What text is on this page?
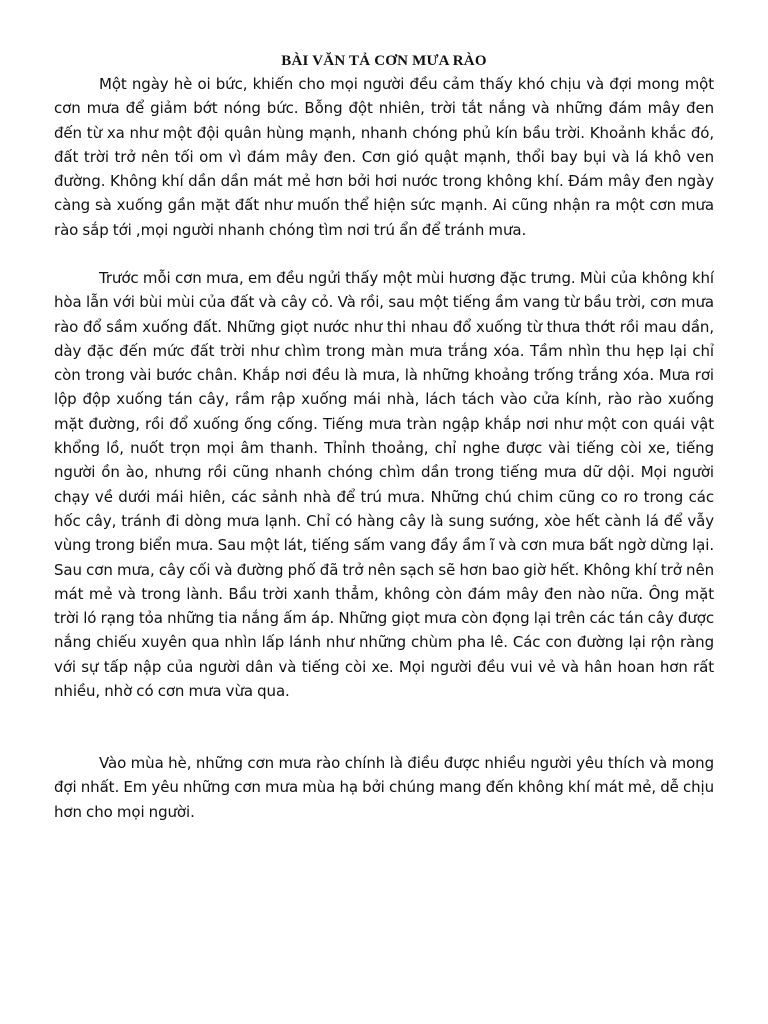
BÀI VĂN TẢ CƠN MƯA RÀO

Một ngày hè oi bức, khiến cho mọi người đều cảm thấy khó chịu và đợi mong một cơn mưa để giảm bớt nóng bức. Bỗng đột nhiên, trời tắt nắng và những đám mây đen đến từ xa như một đội quân hùng mạnh, nhanh chóng phủ kín bầu trời. Khoảnh khắc đó, đất trời trở nên tối om vì đám mây đen. Cơn gió quật mạnh, thổi bay bụi và lá khô ven đường. Không khí dần dần mát mẻ hơn bởi hơi nước trong không khí. Đám mây đen ngày càng sà xuống gần mặt đất như muốn thể hiện sức mạnh. Ai cũng nhận ra một cơn mưa rào sắp tới ,mọi người nhanh chóng tìm nơi trú ẩn để tránh mưa.

Trước mỗi cơn mưa, em đều ngửi thấy một mùi hương đặc trưng. Mùi của không khí hòa lẫn với bùi mùi của đất và cây cỏ. Và rồi, sau một tiếng ầm vang từ bầu trời, cơn mưa rào đổ sầm xuống đất. Những giọt nước như thi nhau đổ xuống từ thưa thớt rồi mau dần, dày đặc đến mức đất trời như chìm trong màn mưa trắng xóa. Tầm nhìn thu hẹp lại chỉ còn trong vài bước chân. Khắp nơi đều là mưa, là những khoảng trống trắng xóa. Mưa rơi lộp độp xuống tán cây, rầm rập xuống mái nhà, lách tách vào cửa kính, rào rào xuống mặt đường, rồi đổ xuống ống cống. Tiếng mưa tràn ngập khắp nơi như một con quái vật khổng lồ, nuốt trọn mọi âm thanh. Thỉnh thoảng, chỉ nghe được vài tiếng còi xe, tiếng người ồn ào, nhưng rồi cũng nhanh chóng chìm dần trong tiếng mưa dữ dội. Mọi người chạy về dưới mái hiên, các sảnh nhà để trú mưa. Những chú chim cũng co ro trong các hốc cây, tránh đi dòng mưa lạnh. Chỉ có hàng cây là sung sướng, xòe hết cành lá để vẫy vùng trong biển mưa. Sau một lát, tiếng sấm vang đầy ầm ĩ và cơn mưa bất ngờ dừng lại. Sau cơn mưa, cây cối và đường phố đã trở nên sạch sẽ hơn bao giờ hết. Không khí trở nên mát mẻ và trong lành. Bầu trời xanh thẳm, không còn đám mây đen nào nữa. Ông mặt trời ló rạng tỏa những tia nắng ấm áp. Những giọt mưa còn đọng lại trên các tán cây được nắng chiếu xuyên qua nhìn lấp lánh như những chùm pha lê. Các con đường lại rộn ràng với sự tấp nập của người dân và tiếng còi xe. Mọi người đều vui vẻ và hân hoan hơn rất nhiều, nhờ có cơn mưa vừa qua.

Vào mùa hè, những cơn mưa rào chính là điều được nhiều người yêu thích và mong đợi nhất. Em yêu những cơn mưa mùa hạ bởi chúng mang đến không khí mát mẻ, dễ chịu hơn cho mọi người.
